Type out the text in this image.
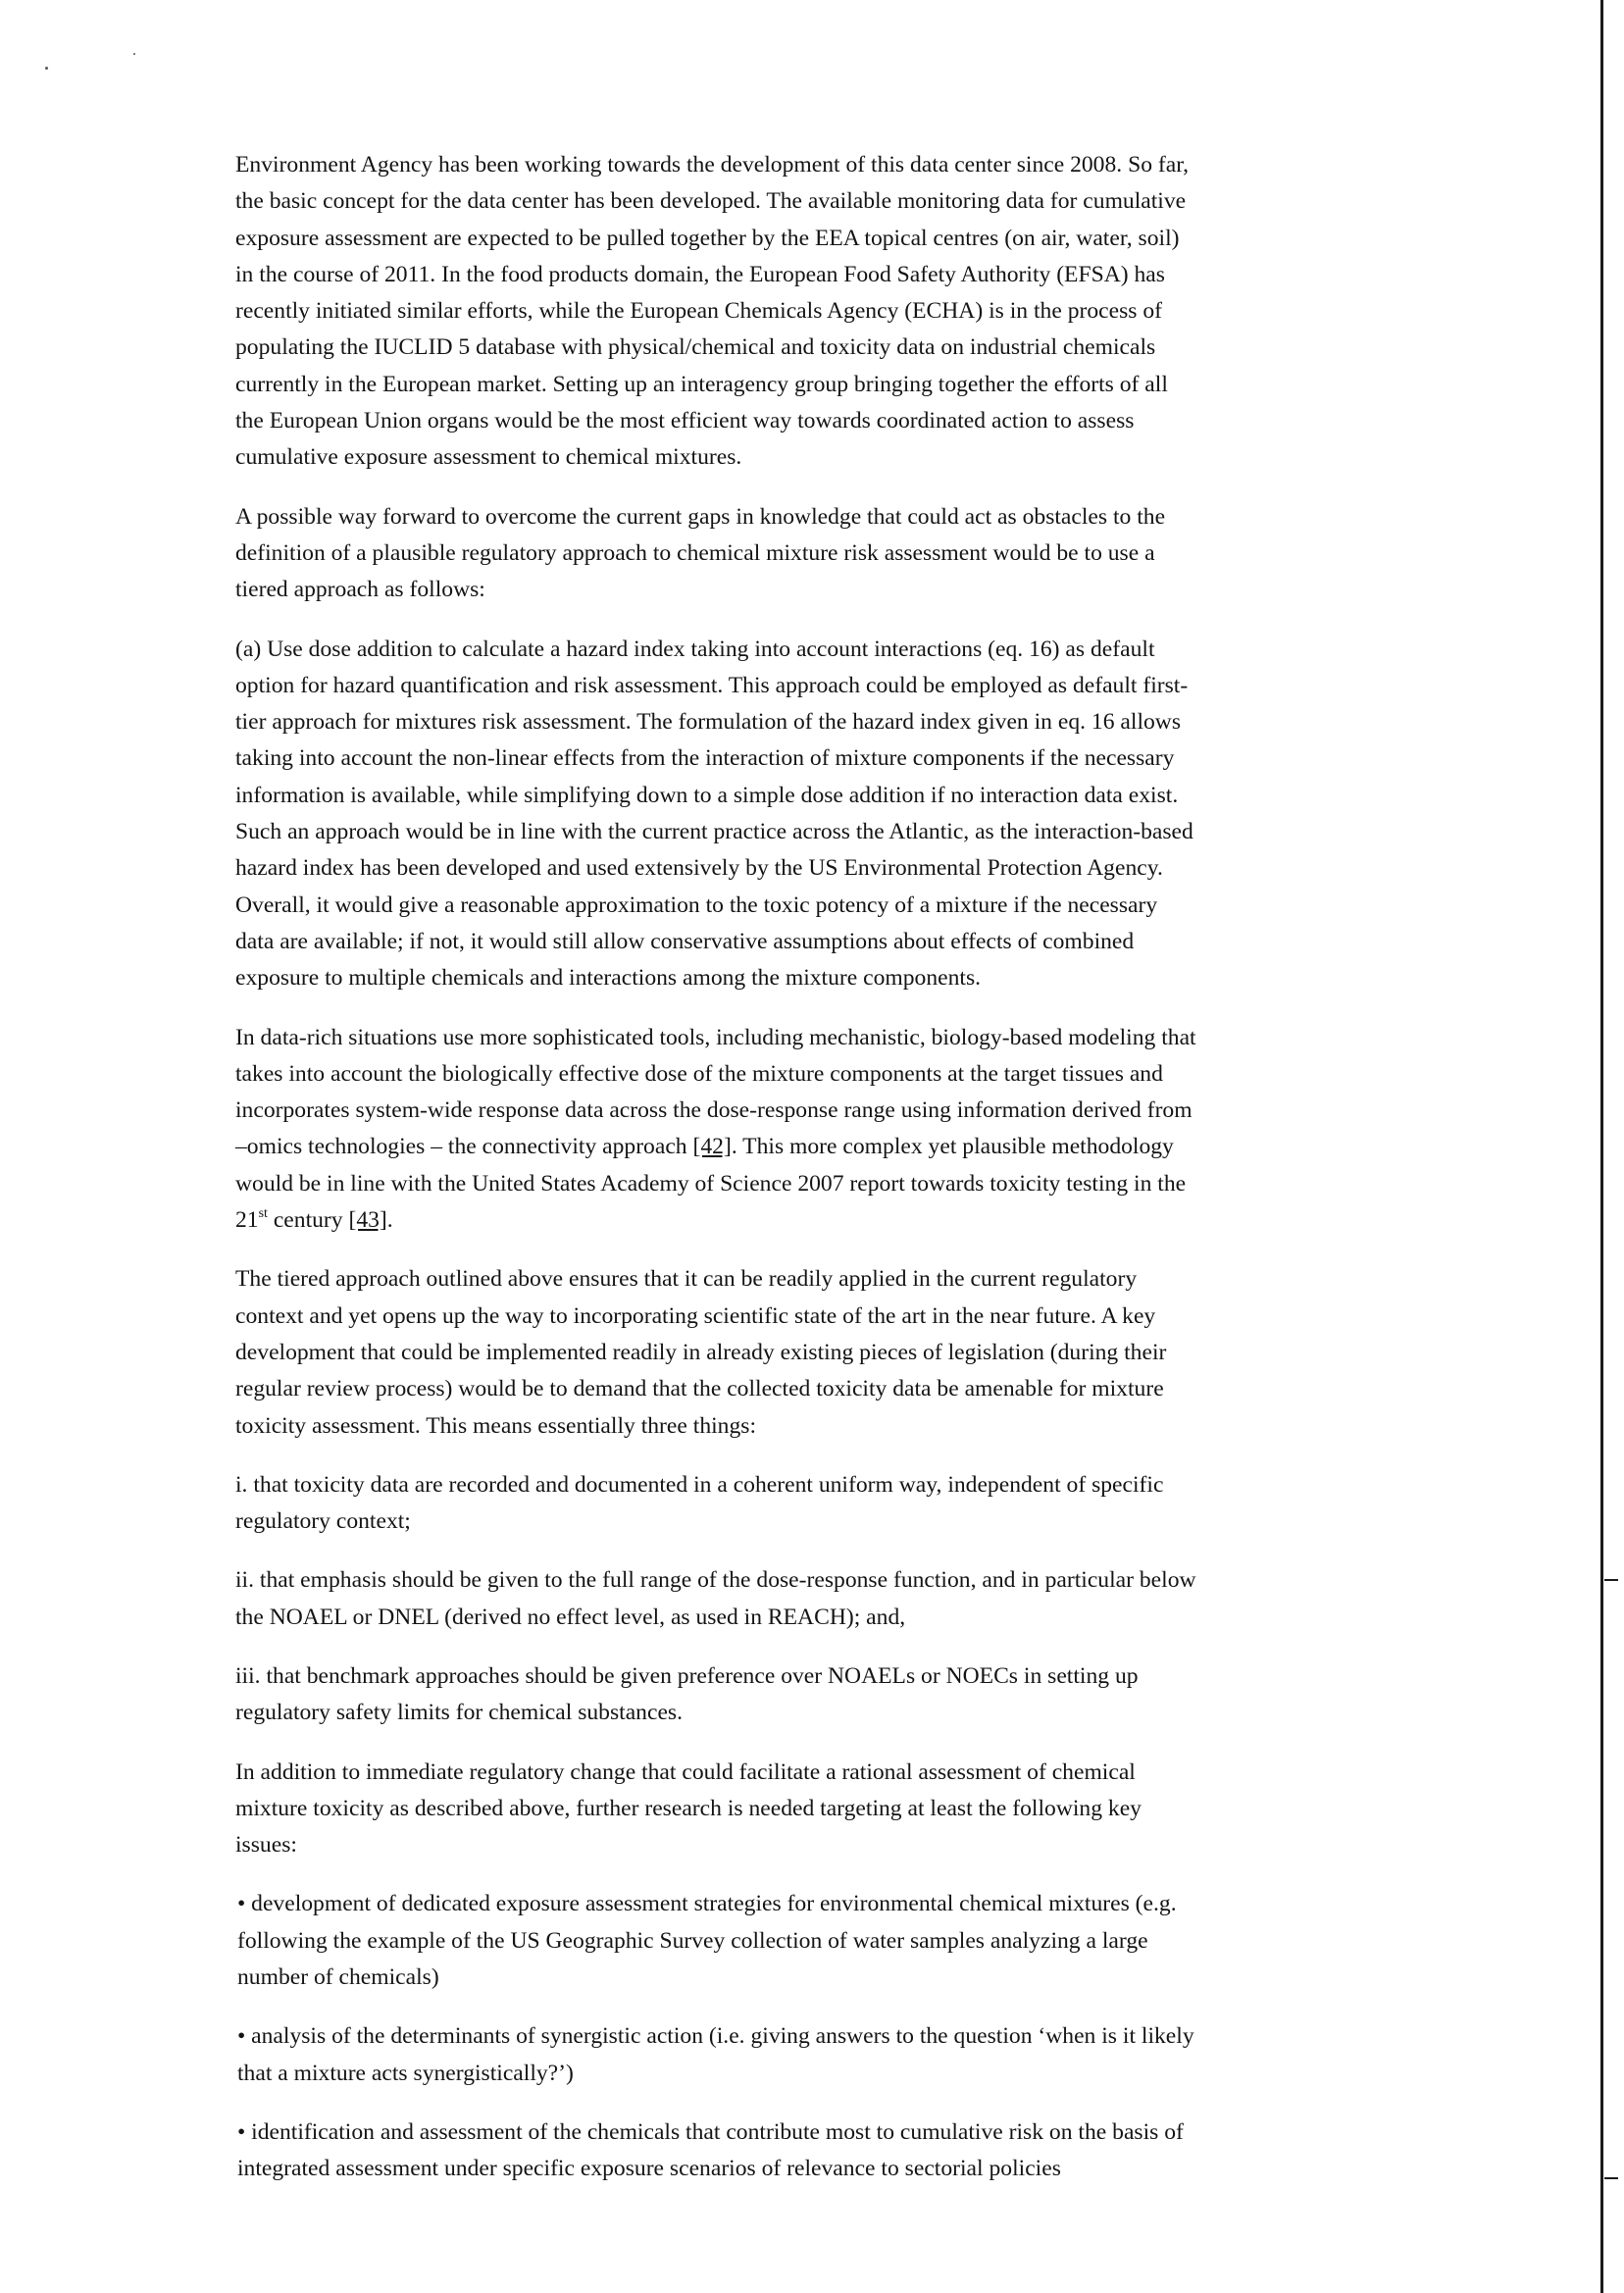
Environment Agency has been working towards the development of this data center since 2008. So far,
the basic concept for the data center has been developed. The available monitoring data for cumulative
exposure assessment are expected to be pulled together by the EEA topical centres (on air, water, soil)
in the course of 2011. In the food products domain, the European Food Safety Authority (EFSA) has
recently initiated similar efforts, while the European Chemicals Agency (ECHA) is in the process of
populating the IUCLID 5 database with physical/chemical and toxicity data on industrial chemicals
currently in the European market. Setting up an interagency group bringing together the efforts of all
the European Union organs would be the most efficient way towards coordinated action to assess
cumulative exposure assessment to chemical mixtures.

A possible way forward to overcome the current gaps in knowledge that could act as obstacles to the
definition of a plausible regulatory approach to chemical mixture risk assessment would be to use a
tiered approach as follows:

(a) Use dose addition to calculate a hazard index taking into account interactions (eq. 16) as default
option for hazard quantification and risk assessment. This approach could be employed as default first-
tier approach for mixtures risk assessment. The formulation of the hazard index given in eq. 16 allows
taking into account the non-linear effects from the interaction of mixture components if the necessary
information is available, while simplifying down to a simple dose addition if no interaction data exist.
Such an approach would be in line with the current practice across the Atlantic, as the interaction-based
hazard index has been developed and used extensively by the US Environmental Protection Agency.
Overall, it would give a reasonable approximation to the toxic potency of a mixture if the necessary
data are available; if not, it would still allow conservative assumptions about effects of combined
exposure to multiple chemicals and interactions among the mixture components.

In data-rich situations use more sophisticated tools, including mechanistic, biology-based modeling that
takes into account the biologically effective dose of the mixture components at the target tissues and
incorporates system-wide response data across the dose-response range using information derived from
–omics technologies – the connectivity approach [42]. This more complex yet plausible methodology
would be in line with the United States Academy of Science 2007 report towards toxicity testing in the
21st century [43].

The tiered approach outlined above ensures that it can be readily applied in the current regulatory
context and yet opens up the way to incorporating scientific state of the art in the near future. A key
development that could be implemented readily in already existing pieces of legislation (during their
regular review process) would be to demand that the collected toxicity data be amenable for mixture
toxicity assessment. This means essentially three things:

i. that toxicity data are recorded and documented in a coherent uniform way, independent of specific
regulatory context;

ii. that emphasis should be given to the full range of the dose-response function, and in particular below
the NOAEL or DNEL (derived no effect level, as used in REACH); and,

iii. that benchmark approaches should be given preference over NOAELs or NOECs in setting up
regulatory safety limits for chemical substances.

In addition to immediate regulatory change that could facilitate a rational assessment of chemical
mixture toxicity as described above, further research is needed targeting at least the following key
issues:

• development of dedicated exposure assessment strategies for environmental chemical mixtures (e.g.
following the example of the US Geographic Survey collection of water samples analyzing a large
number of chemicals)

• analysis of the determinants of synergistic action (i.e. giving answers to the question ‘when is it likely
that a mixture acts synergistically?’)

• identification and assessment of the chemicals that contribute most to cumulative risk on the basis of
integrated assessment under specific exposure scenarios of relevance to sectorial policies
